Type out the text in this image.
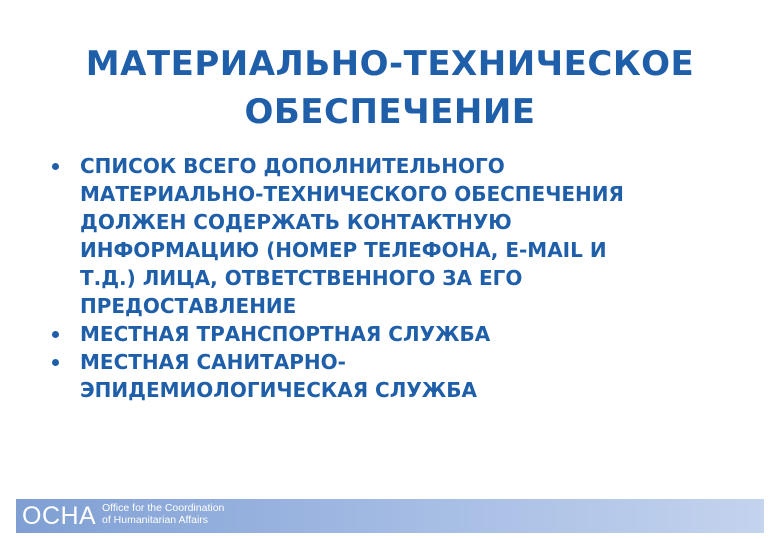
МАТЕРИАЛЬНО-ТЕХНИЧЕСКОЕ
ОБЕСПЕЧЕНИЕ
СПИСОК ВСЕГО ДОПОЛНИТЕЛЬНОГО
МАТЕРИАЛЬНО-ТЕХНИЧЕСКОГО ОБЕСПЕЧЕНИЯ
ДОЛЖЕН СОДЕРЖАТЬ КОНТАКТНУЮ
ИНФОРМАЦИЮ (НОМЕР ТЕЛЕФОНА, E-MAIL И
Т.Д.) ЛИЦА, ОТВЕТСТВЕННОГО ЗА ЕГО
ПРЕДОСТАВЛЕНИЕ
МЕСТНАЯ ТРАНСПОРТНАЯ СЛУЖБА
МЕСТНАЯ САНИТАРНО-
ЭПИДЕМИОЛОГИЧЕСКАЯ СЛУЖБА
OCHA Office for the Coordination
of Humanitarian Affairs
